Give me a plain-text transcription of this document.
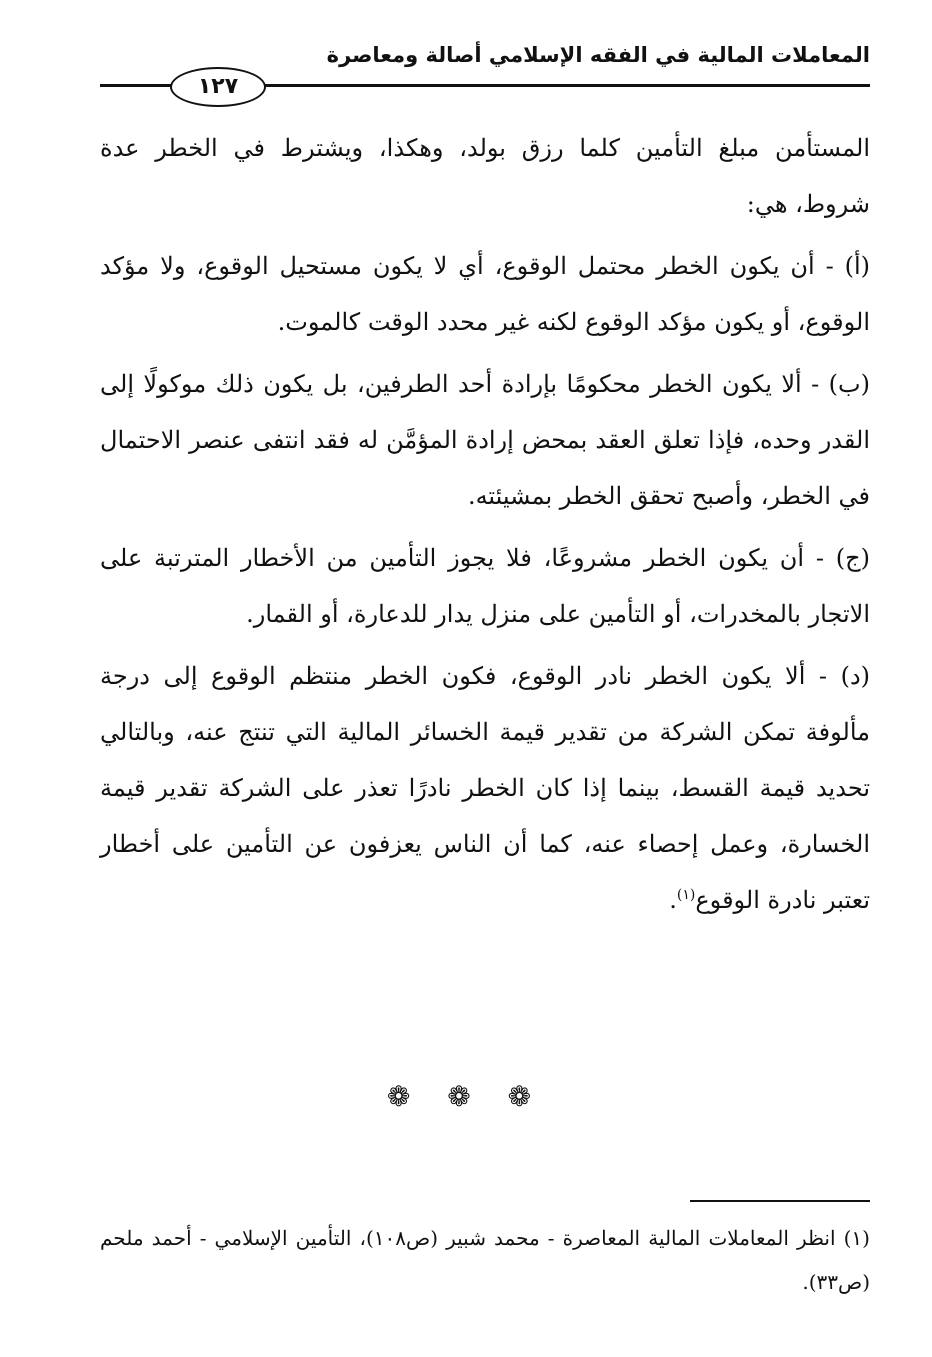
المعاملات المالية في الفقه الإسلامي أصالة ومعاصرة
١٢٧

المستأمن مبلغ التأمين كلما رزق بولد، وهكذا، ويشترط في الخطر عدة شروط، هي:

(أ) - أن يكون الخطر محتمل الوقوع، أي لا يكون مستحيل الوقوع، ولا مؤكد الوقوع، أو يكون مؤكد الوقوع لكنه غير محدد الوقت كالموت.

(ب) - ألا يكون الخطر محكومًا بإرادة أحد الطرفين، بل يكون ذلك موكولًا إلى القدر وحده، فإذا تعلق العقد بمحض إرادة المؤمَّن له فقد انتفى عنصر الاحتمال في الخطر، وأصبح تحقق الخطر بمشيئته.

(ج) - أن يكون الخطر مشروعًا، فلا يجوز التأمين من الأخطار المترتبة على الاتجار بالمخدرات، أو التأمين على منزل يدار للدعارة، أو القمار.

(د) - ألا يكون الخطر نادر الوقوع، فكون الخطر منتظم الوقوع إلى درجة مألوفة تمكن الشركة من تقدير قيمة الخسائر المالية التي تنتج عنه، وبالتالي تحديد قيمة القسط، بينما إذا كان الخطر نادرًا تعذر على الشركة تقدير قيمة الخسارة، وعمل إحصاء عنه، كما أن الناس يعزفون عن التأمين على أخطار تعتبر نادرة الوقوع$^{(١)}$.

❁ ❁ ❁
(١) انظر المعاملات المالية المعاصرة - محمد شبير (ص١٠٨)، التأمين الإسلامي - أحمد ملحم (ص٣٣).
